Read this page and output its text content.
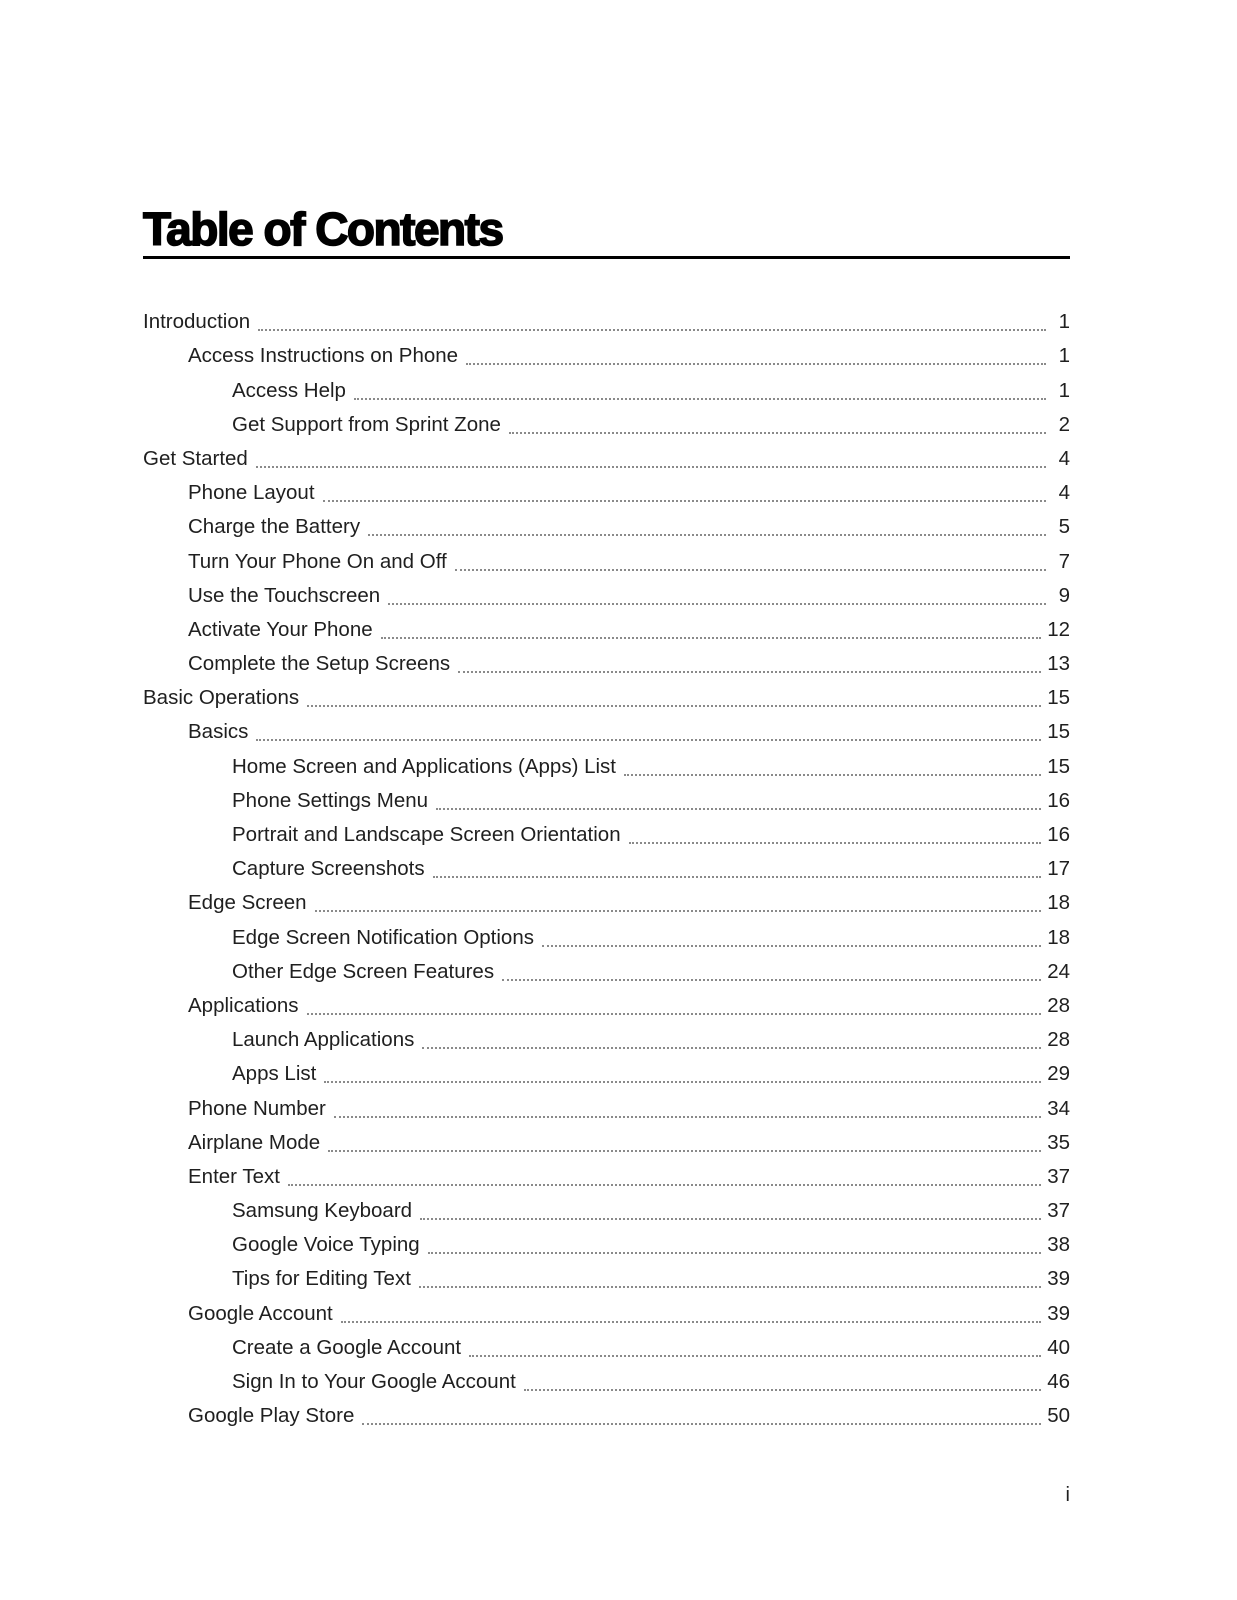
Table of Contents
Introduction	1
Access Instructions on Phone	1
Access Help	1
Get Support from Sprint Zone	2
Get Started	4
Phone Layout	4
Charge the Battery	5
Turn Your Phone On and Off	7
Use the Touchscreen	9
Activate Your Phone	12
Complete the Setup Screens	13
Basic Operations	15
Basics	15
Home Screen and Applications (Apps) List	15
Phone Settings Menu	16
Portrait and Landscape Screen Orientation	16
Capture Screenshots	17
Edge Screen	18
Edge Screen Notification Options	18
Other Edge Screen Features	24
Applications	28
Launch Applications	28
Apps List	29
Phone Number	34
Airplane Mode	35
Enter Text	37
Samsung Keyboard	37
Google Voice Typing	38
Tips for Editing Text	39
Google Account	39
Create a Google Account	40
Sign In to Your Google Account	46
Google Play Store	50
i
